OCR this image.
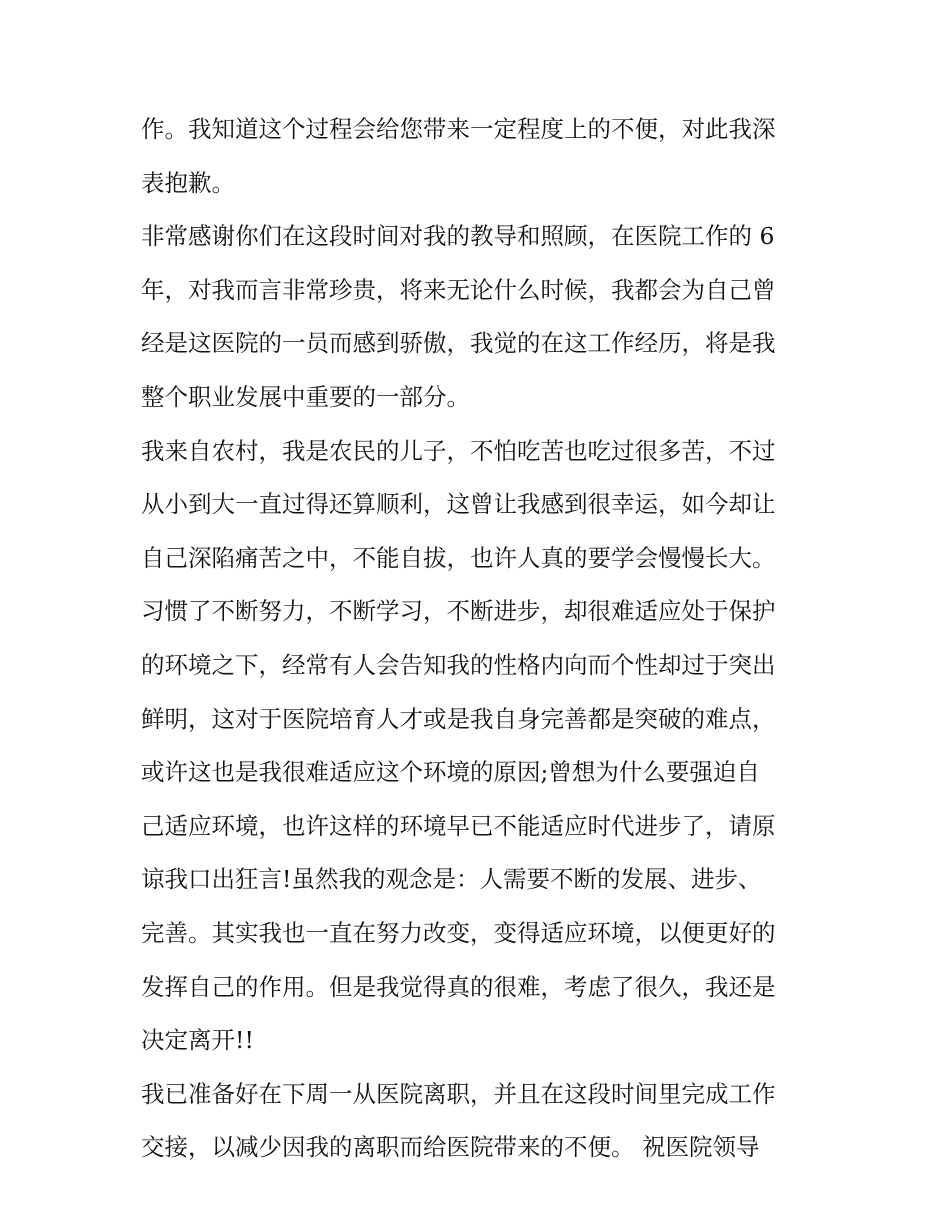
作。我知道这个过程会给您带来一定程度上的不便，对此我深
表抱歉。
非常感谢你们在这段时间对我的教导和照顾，在医院工作的 6
年，对我而言非常珍贵，将来无论什么时候，我都会为自己曾
经是这医院的一员而感到骄傲，我觉的在这工作经历，将是我
整个职业发展中重要的一部分。
我来自农村，我是农民的儿子，不怕吃苦也吃过很多苦，不过
从小到大一直过得还算顺利，这曾让我感到很幸运，如今却让
自己深陷痛苦之中，不能自拔，也许人真的要学会慢慢长大。
习惯了不断努力，不断学习，不断进步，却很难适应处于保护
的环境之下，经常有人会告知我的性格内向而个性却过于突出
鲜明，这对于医院培育人才或是我自身完善都是突破的难点，
或许这也是我很难适应这个环境的原因;曾想为什么要强迫自
己适应环境，也许这样的环境早已不能适应时代进步了，请原
谅我口出狂言!虽然我的观念是：人需要不断的发展、进步、
完善。其实我也一直在努力改变，变得适应环境，以便更好的
发挥自己的作用。但是我觉得真的很难，考虑了很久，我还是
决定离开!!
我已准备好在下周一从医院离职，并且在这段时间里完成工作
交接，以减少因我的离职而给医院带来的不便。 祝医院领导
